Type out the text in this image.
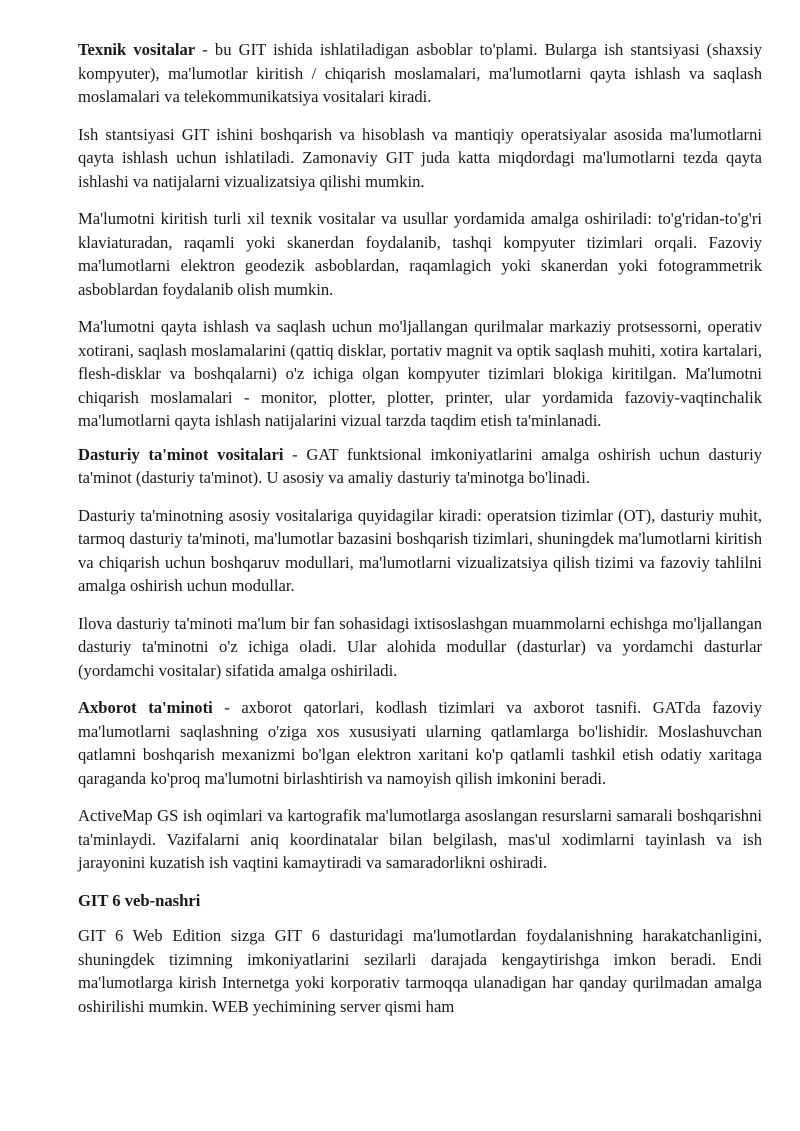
Texnik vositalar - bu GIT ishida ishlatiladigan asboblar to'plami. Bularga ish stantsiyasi (shaxsiy kompyuter), ma'lumotlar kiritish / chiqarish moslamalari, ma'lumotlarni qayta ishlash va saqlash moslamalari va telekommunikatsiya vositalari kiradi.

Ish stantsiyasi GIT ishini boshqarish va hisoblash va mantiqiy operatsiyalar asosida ma'lumotlarni qayta ishlash uchun ishlatiladi. Zamonaviy GIT juda katta miqdordagi ma'lumotlarni tezda qayta ishlashi va natijalarni vizualizatsiya qilishi mumkin.

Ma'lumotni kiritish turli xil texnik vositalar va usullar yordamida amalga oshiriladi: to'g'ridan-to'g'ri klaviaturadan, raqamli yoki skanerdan foydalanib, tashqi kompyuter tizimlari orqali. Fazoviy ma'lumotlarni elektron geodezik asboblardan, raqamlagich yoki skanerdan yoki fotogrammetrik asboblardan foydalanib olish mumkin.

Ma'lumotni qayta ishlash va saqlash uchun mo'ljallangan qurilmalar markaziy protsessorni, operativ xotirani, saqlash moslamalarini (qattiq disklar, portativ magnit va optik saqlash muhiti, xotira kartalari, flesh-disklar va boshqalarni) o'z ichiga olgan kompyuter tizimlari blokiga kiritilgan. Ma'lumotni chiqarish moslamalari - monitor, plotter, plotter, printer, ular yordamida fazoviy-vaqtinchalik ma'lumotlarni qayta ishlash natijalarini vizual tarzda taqdim etish ta'minlanadi.

Dasturiy ta'minot vositalari - GAT funktsional imkoniyatlarini amalga oshirish uchun dasturiy ta'minot (dasturiy ta'minot). U asosiy va amaliy dasturiy ta'minotga bo'linadi.

Dasturiy ta'minotning asosiy vositalariga quyidagilar kiradi: operatsion tizimlar (OT), dasturiy muhit, tarmoq dasturiy ta'minoti, ma'lumotlar bazasini boshqarish tizimlari, shuningdek ma'lumotlarni kiritish va chiqarish uchun boshqaruv modullari, ma'lumotlarni vizualizatsiya qilish tizimi va fazoviy tahlilni amalga oshirish uchun modullar.

Ilova dasturiy ta'minoti ma'lum bir fan sohasidagi ixtisoslashgan muammolarni echishga mo'ljallangan dasturiy ta'minotni o'z ichiga oladi. Ular alohida modullar (dasturlar) va yordamchi dasturlar (yordamchi vositalar) sifatida amalga oshiriladi.

Axborot ta'minoti - axborot qatorlari, kodlash tizimlari va axborot tasnifi. GATda fazoviy ma'lumotlarni saqlashning o'ziga xos xususiyati ularning qatlamlarga bo'lishidir. Moslashuvchan qatlamni boshqarish mexanizmi bo'lgan elektron xaritani ko'p qatlamli tashkil etish odatiy xaritaga qaraganda ko'proq ma'lumotni birlashtirish va namoyish qilish imkonini beradi.

ActiveMap GS ish oqimlari va kartografik ma'lumotlarga asoslangan resurslarni samarali boshqarishni ta'minlaydi. Vazifalarni aniq koordinatalar bilan belgilash, mas'ul xodimlarni tayinlash va ish jarayonini kuzatish ish vaqtini kamaytiradi va samaradorlikni oshiradi.

GIT 6 veb-nashri

GIT 6 Web Edition sizga GIT 6 dasturidagi ma'lumotlardan foydalanishning harakatchanligini, shuningdek tizimning imkoniyatlarini sezilarli darajada kengaytirishga imkon beradi. Endi ma'lumotlarga kirish Internetga yoki korporativ tarmoqqa ulanadigan har qanday qurilmadan amalga oshirilishi mumkin. WEB yechimining server qismi ham
